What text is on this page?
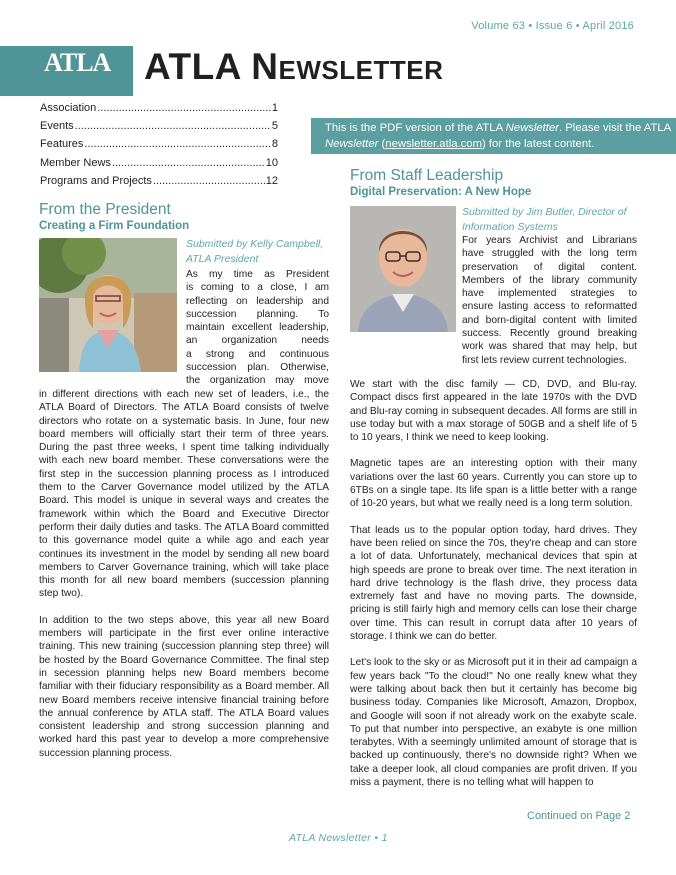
Volume 63 • Issue 6 • April 2016
ATLA ATLA Newsletter
Association .....	1
Events .....	5
Features .....	8
Member News .....	10
Programs and Projects .....	12
This is the PDF version of the ATLA Newsletter. Please visit the ATLA Newsletter (newsletter.atla.com) for the latest content.
From the President
Creating a Firm Foundation
Submitted by Kelly Campbell,
ATLA President
As my time as President
is coming to a close, I am
reflecting on leadership and
succession planning. To
maintain excellent leadership,
an organization needs
a strong and continuous
succession plan. Otherwise,
the organization may move

in different directions with each new set of leaders, i.e., the ATLA Board of Directors. The ATLA Board consists of twelve directors who rotate on a systematic basis. In June, four new board members will officially start their term of three years. During the past three weeks, I spent time talking individually with each new board member. These conversations were the first step in the succession planning process as I introduced them to the Carver Governance model utilized by the ATLA Board. This model is unique in several ways and creates the framework within which the Board and Executive Director perform their daily duties and tasks. The ATLA Board committed to this governance model quite a while ago and each year continues its investment in the model by sending all new board members to Carver Governance training, which will take place this month for all new board members (succession planning step two).

In addition to the two steps above, this year all new Board members will participate in the first ever online interactive training. This new training (succession planning step three) will be hosted by the Board Governance Committee. The final step in secession planning helps new Board members become familiar with their fiduciary responsibility as a Board member. All new Board members receive intensive financial training before the annual conference by ATLA staff. The ATLA Board values consistent leadership and strong succession planning and worked hard this past year to develop a more comprehensive succession planning process.

From Staff Leadership
Digital Preservation: A New Hope
Submitted by Jim Butler, Director of
Information Systems
For years Archivist and Librarians have struggled with the long term preservation of digital content. Members of the library community have implemented strategies to ensure lasting access to reformatted and born-digital content with limited success. Recently ground breaking work was shared that may help, but first lets review current technologies.

We start with the disc family — CD, DVD, and Blu-ray. Compact discs first appeared in the late 1970s with the DVD and Blu-ray coming in subsequent decades. All forms are still in use today but with a max storage of 50GB and a shelf life of 5 to 10 years, I think we need to keep looking.

Magnetic tapes are an interesting option with their many variations over the last 60 years. Currently you can store up to 6TBs on a single tape. Its life span is a little better with a range of 10-20 years, but what we really need is a long term solution.

That leads us to the popular option today, hard drives. They have been relied on since the 70s, they're cheap and can store a lot of data. Unfortunately, mechanical devices that spin at high speeds are prone to break over time. The next iteration in hard drive technology is the flash drive, they process data extremely fast and have no moving parts. The downside, pricing is still fairly high and memory cells can lose their charge over time. This can result in corrupt data after 10 years of storage. I think we can do better.

Let's look to the sky or as Microsoft put it in their ad campaign a few years back "To the cloud!" No one really knew what they were talking about back then but it certainly has become big business today. Companies like Microsoft, Amazon, Dropbox, and Google will soon if not already work on the exabyte scale. To put that number into perspective, an exabyte is one million terabytes. With a seemingly unlimited amount of storage that is backed up continuously, there's no downside right? When we take a deeper look, all cloud companies are profit driven. If you miss a payment, there is no telling what will happen to

Continued on Page 2
ATLA Newsletter • 1
